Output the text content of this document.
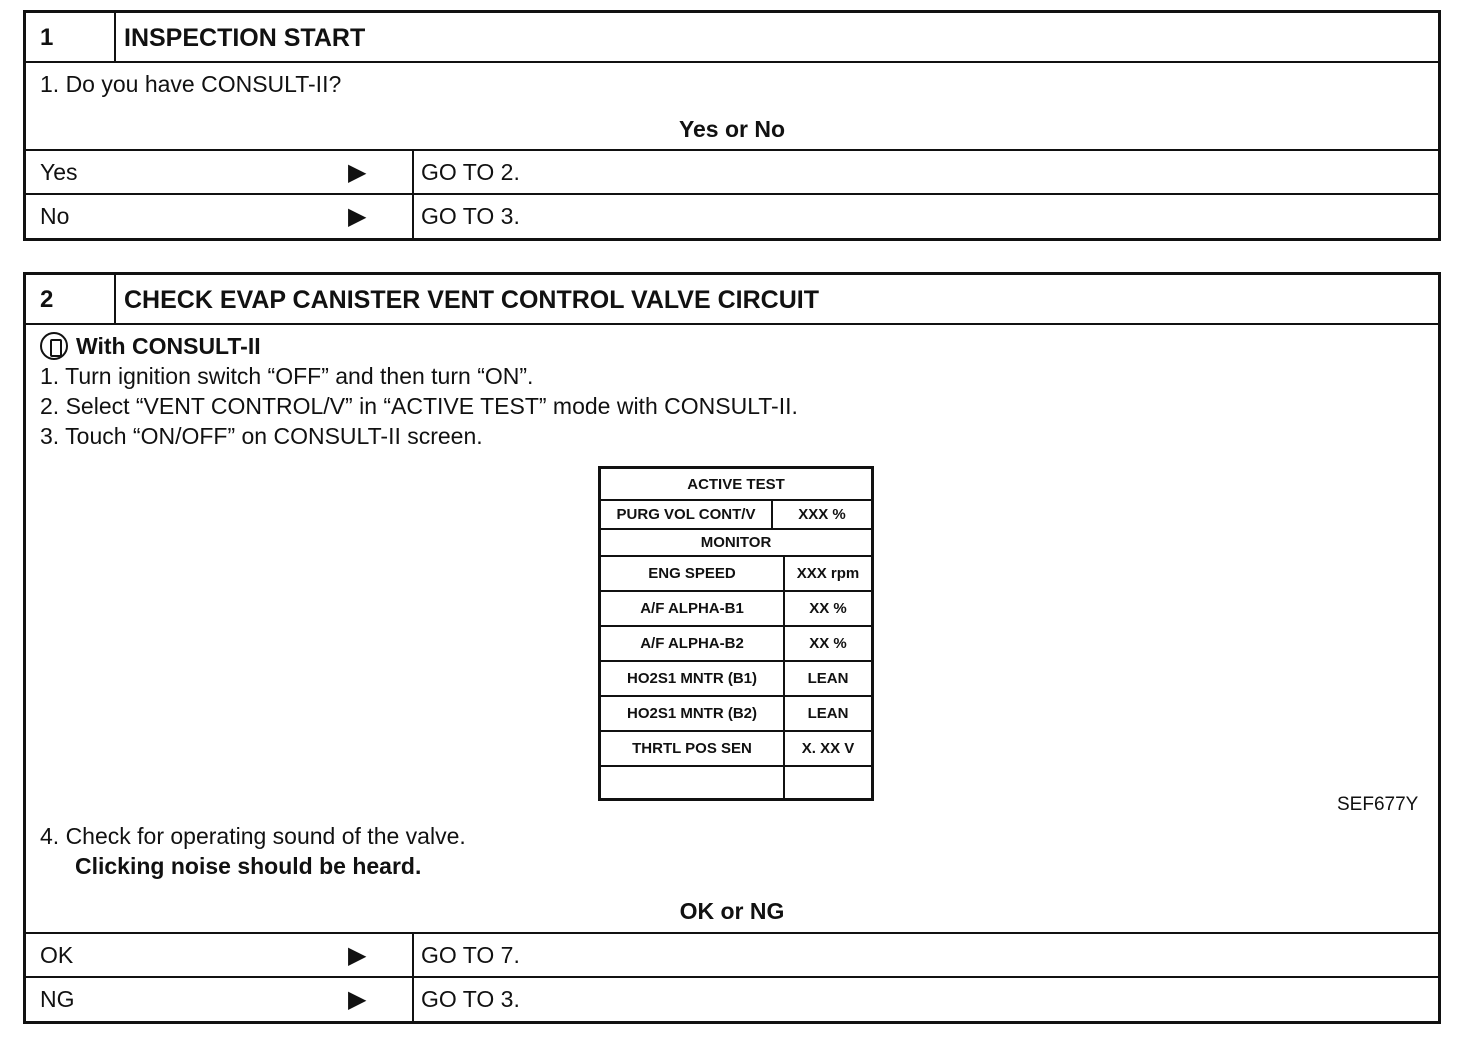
1	INSPECTION START
1. Do you have CONSULT-II?
Yes or No
Yes	▶	GO TO 2.
No	▶	GO TO 3.
2	CHECK EVAP CANISTER VENT CONTROL VALVE CIRCUIT
With CONSULT-II
1. Turn ignition switch “OFF” and then turn “ON”.
2. Select “VENT CONTROL/V” in “ACTIVE TEST” mode with CONSULT-II.
3. Touch “ON/OFF” on CONSULT-II screen.
4. Check for operating sound of the valve.
Clicking noise should be heard.
OK or NG
OK	▶	GO TO 7.
NG	▶	GO TO 3.
ACTIVE TEST
PURG VOL CONT/V	XXX %
MONITOR
ENG SPEED	XXX rpm
A/F ALPHA-B1	XX %
A/F ALPHA-B2	XX %
HO2S1 MNTR (B1)	LEAN
HO2S1 MNTR (B2)	LEAN
THRTL POS SEN	X. XX V
SEF677Y
